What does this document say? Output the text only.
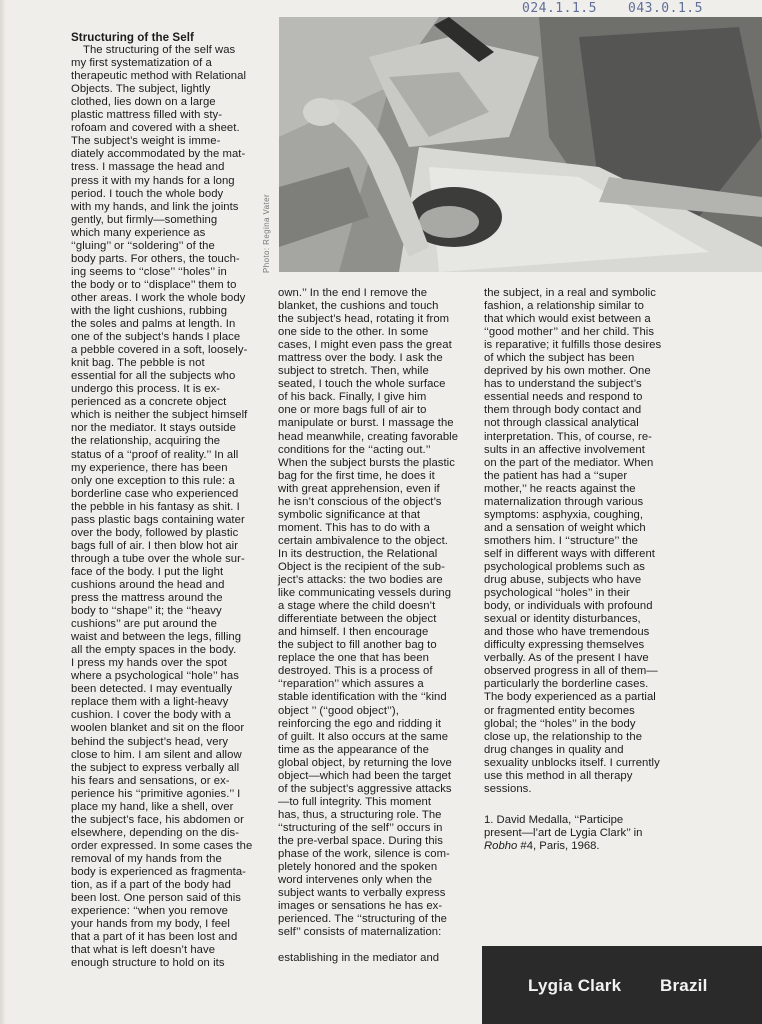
024.1.1.5 043.0.1.5
Photo: Regina Vater
Structuring of the Self
The structuring of the self was
my first systematization of a
therapeutic method with Relational
Objects. The subject, lightly
clothed, lies down on a large
plastic mattress filled with sty-
rofoam and covered with a sheet.
The subject’s weight is imme-
diately accommodated by the mat-
tress. I massage the head and
press it with my hands for a long
period. I touch the whole body
with my hands, and link the joints
gently, but firmly—something
which many experience as
‘‘gluing’’ or ‘‘soldering’’ of the
body parts. For others, the touch-
ing seems to ‘‘close’’ ‘‘holes’’ in
the body or to ‘‘displace’’ them to
other areas. I work the whole body
with the light cushions, rubbing
the soles and palms at length. In
one of the subject’s hands I place
a pebble covered in a soft, loosely-
knit bag. The pebble is not
essential for all the subjects who
undergo this process. It is ex-
perienced as a concrete object
which is neither the subject himself
nor the mediator. It stays outside
the relationship, acquiring the
status of a ‘‘proof of reality.’’ In all
my experience, there has been
only one exception to this rule: a
borderline case who experienced
the pebble in his fantasy as shit. I
pass plastic bags containing water
over the body, followed by plastic
bags full of air. I then blow hot air
through a tube over the whole sur-
face of the body. I put the light
cushions around the head and
press the mattress around the
body to ‘‘shape’’ it; the ‘‘heavy
cushions’’ are put around the
waist and between the legs, filling
all the empty spaces in the body.
I press my hands over the spot
where a psychological ‘‘hole’’ has
been detected. I may eventually
replace them with a light-heavy
cushion. I cover the body with a
woolen blanket and sit on the floor
behind the subject’s head, very
close to him. I am silent and allow
the subject to express verbally all
his fears and sensations, or ex-
perience his ‘‘primitive agonies.’’ I
place my hand, like a shell, over
the subject’s face, his abdomen or
elsewhere, depending on the dis-
order expressed. In some cases the
removal of my hands from the
body is experienced as fragmenta-
tion, as if a part of the body had
been lost. One person said of this
experience: ‘‘when you remove
your hands from my body, I feel
that a part of it has been lost and
that what is left doesn’t have
enough structure to hold on its
own.’’ In the end I remove the
blanket, the cushions and touch
the subject’s head, rotating it from
one side to the other. In some
cases, I might even pass the great
mattress over the body. I ask the
subject to stretch. Then, while
seated, I touch the whole surface
of his back. Finally, I give him
one or more bags full of air to
manipulate or burst. I massage the
head meanwhile, creating favorable
conditions for the ‘‘acting out.’’
When the subject bursts the plastic
bag for the first time, he does it
with great apprehension, even if
he isn’t conscious of the object’s
symbolic significance at that
moment. This has to do with a
certain ambivalence to the object.
In its destruction, the Relational
Object is the recipient of the sub-
ject’s attacks: the two bodies are
like communicating vessels during
a stage where the child doesn’t
differentiate between the object
and himself. I then encourage
the subject to fill another bag to
replace the one that has been
destroyed. This is a process of
‘‘reparation’’ which assures a
stable identification with the ‘‘kind
object ’’ (‘‘good object’’),
reinforcing the ego and ridding it
of guilt. It also occurs at the same
time as the appearance of the
global object, by returning the love
object—which had been the target
of the subject’s aggressive attacks
—to full integrity. This moment
has, thus, a structuring role. The
‘‘structuring of the self’’ occurs in
the pre-verbal space. During this
phase of the work, silence is com-
pletely honored and the spoken
word intervenes only when the
subject wants to verbally express
images or sensations he has ex-
perienced. The ‘‘structuring of the
self’’ consists of maternalization:
establishing in the mediator and
the subject, in a real and symbolic
fashion, a relationship similar to
that which would exist between a
‘‘good mother’’ and her child. This
is reparative; it fulfills those desires
of which the subject has been
deprived by his own mother. One
has to understand the subject’s
essential needs and respond to
them through body contact and
not through classical analytical
interpretation. This, of course, re-
sults in an affective involvement
on the part of the mediator. When
the patient has had a ‘‘super
mother,’’ he reacts against the
maternalization through various
symptoms: asphyxia, coughing,
and a sensation of weight which
smothers him. I ‘‘structure’’ the
self in different ways with different
psychological problems such as
drug abuse, subjects who have
psychological ‘‘holes’’ in their
body, or individuals with profound
sexual or identity disturbances,
and those who have tremendous
difficulty expressing themselves
verbally. As of the present I have
observed progress in all of them—
particularly the borderline cases.
The body experienced as a partial
or fragmented entity becomes
global; the ‘‘holes’’ in the body
close up, the relationship to the
drug changes in quality and
sexuality unblocks itself. I currently
use this method in all therapy
sessions.
1. David Medalla, ‘‘Participe
present—l’art de Lygia Clark’’ in
Robho #4, Paris, 1968.
Lygia Clark Brazil
